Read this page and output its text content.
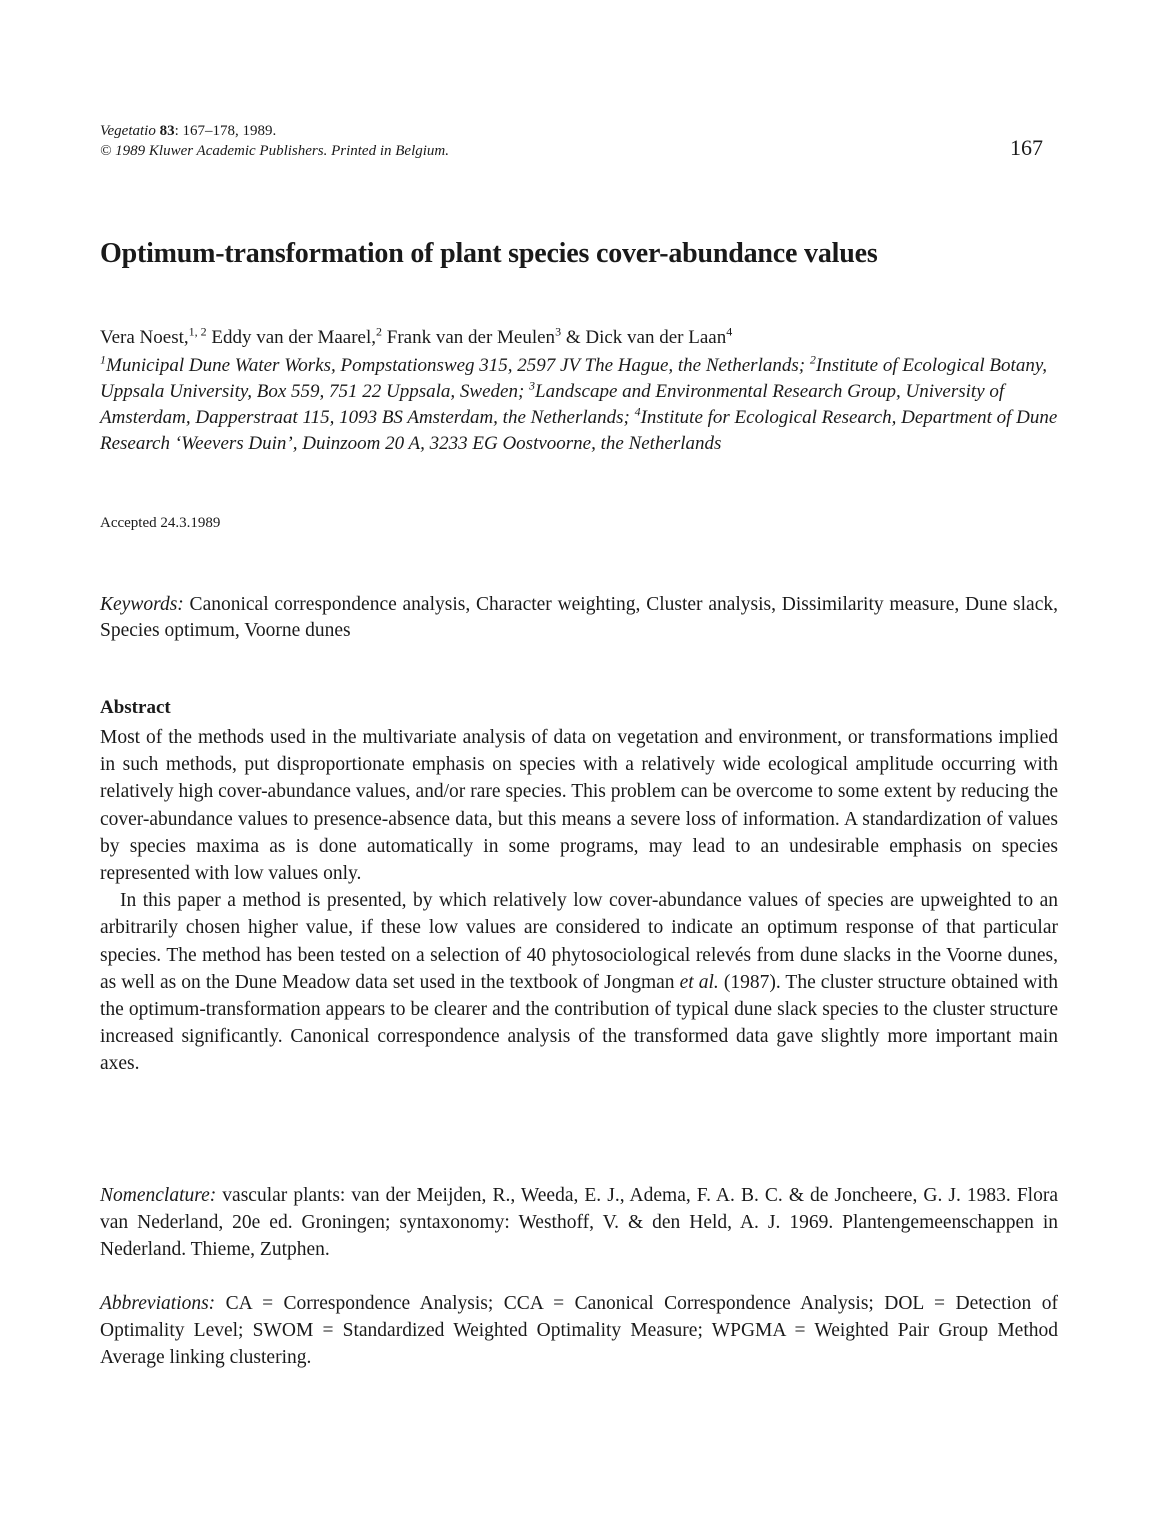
Vegetatio 83: 167–178, 1989.
© 1989 Kluwer Academic Publishers. Printed in Belgium.	167
Optimum-transformation of plant species cover-abundance values
Vera Noest,$^{1, 2}$ Eddy van der Maarel,$^2$ Frank van der Meulen$^3$ & Dick van der Laan$^4$
$^1$Municipal Dune Water Works, Pompstationsweg 315, 2597 JV The Hague, the Netherlands; $^2$Institute of Ecological Botany, Uppsala University, Box 559, 751 22 Uppsala, Sweden; $^3$Landscape and Environmental Research Group, University of Amsterdam, Dapperstraat 115, 1093 BS Amsterdam, the Netherlands; $^4$Institute for Ecological Research, Department of Dune Research ‘Weevers Duin’, Duinzoom 20 A, 3233 EG Oostvoorne, the Netherlands
Accepted 24.3.1989
Keywords: Canonical correspondence analysis, Character weighting, Cluster analysis, Dissimilarity measure, Dune slack, Species optimum, Voorne dunes
Abstract

Most of the methods used in the multivariate analysis of data on vegetation and environment, or transformations implied in such methods, put disproportionate emphasis on species with a relatively wide ecological amplitude occurring with relatively high cover-abundance values, and/or rare species. This problem can be overcome to some extent by reducing the cover-abundance values to presence-absence data, but this means a severe loss of information. A standardization of values by species maxima as is done automatically in some programs, may lead to an undesirable emphasis on species represented with low values only.

In this paper a method is presented, by which relatively low cover-abundance values of species are upweighted to an arbitrarily chosen higher value, if these low values are considered to indicate an optimum response of that particular species. The method has been tested on a selection of 40 phytosociological relevés from dune slacks in the Voorne dunes, as well as on the Dune Meadow data set used in the textbook of Jongman et al. (1987). The cluster structure obtained with the optimum-transformation appears to be clearer and the contribution of typical dune slack species to the cluster structure increased significantly. Canonical correspondence analysis of the transformed data gave slightly more important main axes.

Nomenclature: vascular plants: van der Meijden, R., Weeda, E. J., Adema, F. A. B. C. & de Joncheere, G. J. 1983. Flora van Nederland, 20e ed. Groningen; syntaxonomy: Westhoff, V. & den Held, A. J. 1969. Plantengemeenschappen in Nederland. Thieme, Zutphen.
Abbreviations: CA = Correspondence Analysis; CCA = Canonical Correspondence Analysis; DOL = Detection of Optimality Level; SWOM = Standardized Weighted Optimality Measure; WPGMA = Weighted Pair Group Method Average linking clustering.
